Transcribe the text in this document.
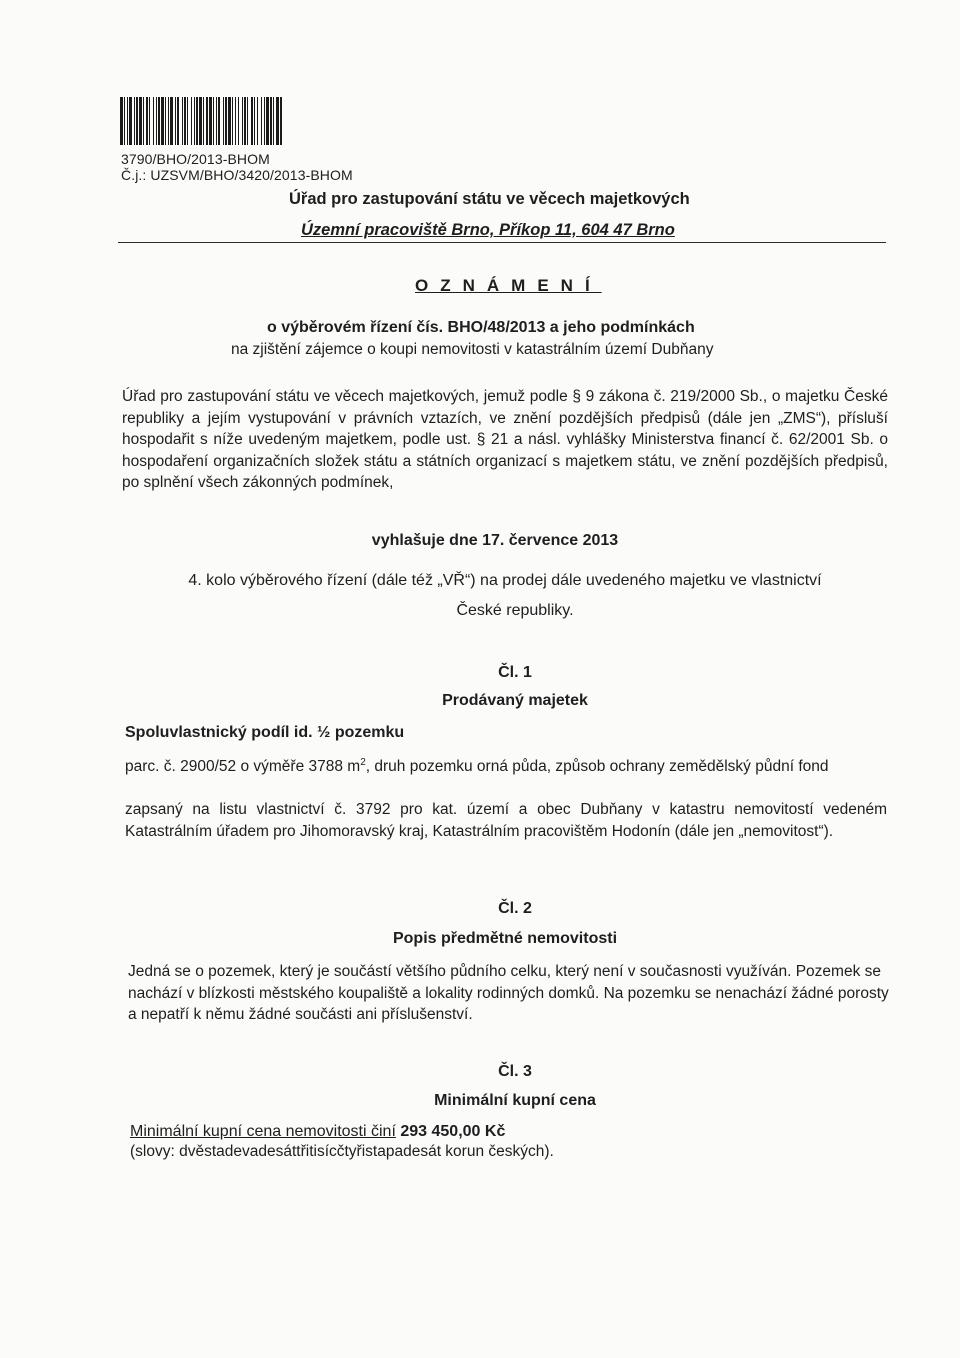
3790/BHO/2013-BHOM
Č.j.: UZSVM/BHO/3420/2013-BHOM
Úřad pro zastupování státu ve věcech majetkových
Územní pracoviště Brno, Příkop 11, 604 47 Brno
OZNÁMENÍ
o výběrovém řízení čís. BHO/48/2013 a jeho podmínkách
na zjištění zájemce o koupi nemovitosti v katastrálním území Dubňany

Úřad pro zastupování státu ve věcech majetkových, jemuž podle § 9 zákona č. 219/2000 Sb., o majetku České republiky a jejím vystupování v právních vztazích, ve znění pozdějších předpisů (dále jen „ZMS“), přísluší hospodařit s níže uvedeným majetkem, podle ust. § 21 a násl. vyhlášky Ministerstva financí č. 62/2001 Sb. o hospodaření organizačních složek státu a státních organizací s majetkem státu, ve znění pozdějších předpisů, po splnění všech zákonných podmínek,

vyhlašuje dne 17. července 2013

4. kolo výběrového řízení (dále též „VŘ“) na prodej dále uvedeného majetku ve vlastnictví

České republiky.

Čl. 1

Prodávaný majetek

Spoluvlastnický podíl id. ½ pozemku

parc. č. 2900/52 o výměře 3788 $m^2$, druh pozemku orná půda, způsob ochrany zemědělský půdní fond

zapsaný na listu vlastnictví č. 3792 pro kat. území a obec Dubňany v katastru nemovitostí vedeném Katastrálním úřadem pro Jihomoravský kraj, Katastrálním pracovištěm Hodonín (dále jen „nemovitost“).

Čl. 2

Popis předmětné nemovitosti

Jedná se o pozemek, který je součástí většího půdního celku, který není v současnosti využíván. Pozemek se nachází v blízkosti městského koupaliště a lokality rodinných domků. Na pozemku se nenachází žádné porosty a nepatří k němu žádné součásti ani příslušenství.

Čl. 3

Minimální kupní cena

Minimální kupní cena nemovitosti činí 293 450,00 Kč
(slovy: dvěstadevadesáttřitisícčtyřistapadesát korun českých).
